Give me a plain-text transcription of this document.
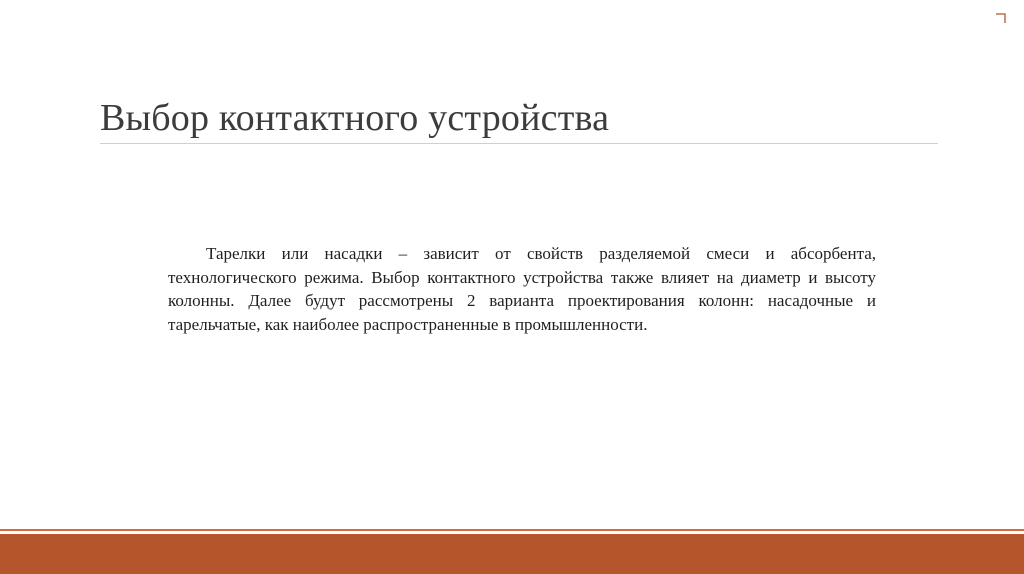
Выбор контактного устройства

Тарелки или насадки – зависит от свойств разделяемой смеси и абсорбента, технологического режима. Выбор контактного устройства также влияет на диаметр и высоту колонны. Далее будут рассмотрены 2 варианта проектирования колонн: насадочные и тарельчатые, как наиболее распространенные в промышленности.
